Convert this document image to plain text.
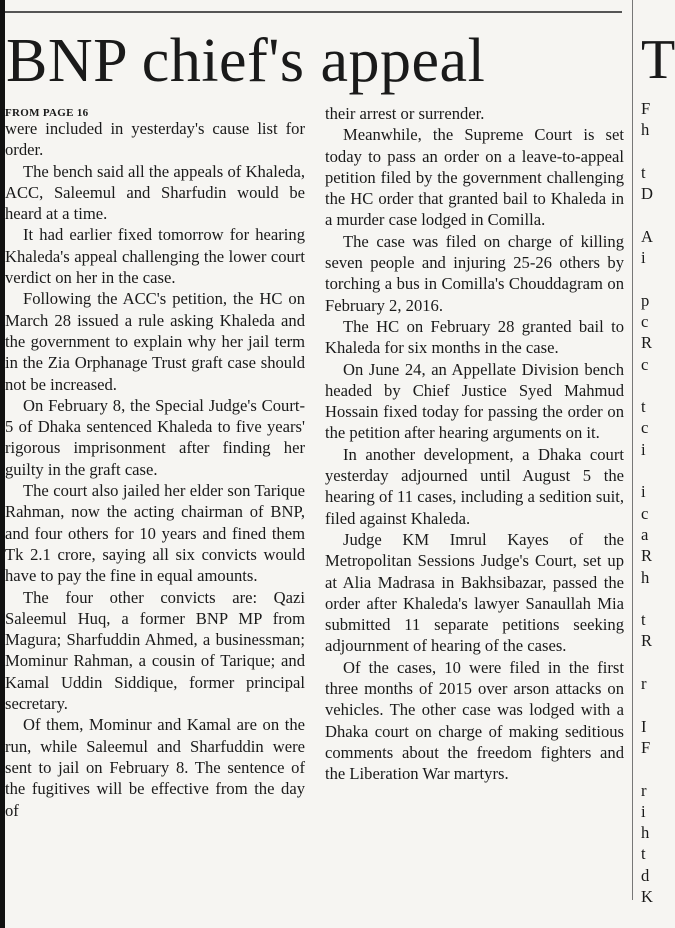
BNP chief's appeal

were included in yesterday's cause list for order.

The bench said all the appeals of Khaleda, ACC, Saleemul and Sharfudin would be heard at a time.

It had earlier fixed tomorrow for hearing Khaleda's appeal challenging the lower court verdict on her in the case.

Following the ACC's petition, the HC on March 28 issued a rule asking Khaleda and the government to explain why her jail term in the Zia Orphanage Trust graft case should not be increased.

On February 8, the Special Judge's Court-5 of Dhaka sentenced Khaleda to five years' rigorous imprisonment after finding her guilty in the graft case.

The court also jailed her elder son Tarique Rahman, now the acting chairman of BNP, and four others for 10 years and fined them Tk 2.1 crore, saying all six convicts would have to pay the fine in equal amounts.

The four other convicts are: Qazi Saleemul Huq, a former BNP MP from Magura; Sharfuddin Ahmed, a businessman; Mominur Rahman, a cousin of Tarique; and Kamal Uddin Siddique, former principal secretary.

Of them, Mominur and Kamal are on the run, while Saleemul and Sharfuddin were sent to jail on February 8. The sentence of the fugitives will be effective from the day of

FROM PAGE 16	their arrest or surrender.

Meanwhile, the Supreme Court is set today to pass an order on a leave-to-appeal petition filed by the government challenging the HC order that granted bail to Khaleda in a murder case lodged in Comilla.

The case was filed on charge of killing seven people and injuring 25-26 others by torching a bus in Comilla's Chouddagram on February 2, 2016.

The HC on February 28 granted bail to Khaleda for six months in the case.

On June 24, an Appellate Division bench headed by Chief Justice Syed Mahmud Hossain fixed today for passing the order on the petition after hearing arguments on it.

In another development, a Dhaka court yesterday adjourned until August 5 the hearing of 11 cases, including a sedition suit, filed against Khaleda.

Judge KM Imrul Kayes of the Metropolitan Sessions Judge's Court, set up at Alia Madrasa in Bakhsibazar, passed the order after Khaleda's lawyer Sanaullah Mia submitted 11 separate petitions seeking adjournment of hearing of the cases.

Of the cases, 10 were filed in the first three months of 2015 over arson attacks on vehicles. The other case was lodged with a Dhaka court on charge of making seditious comments about the freedom fighters and the Liberation War martyrs.

T
F
h
t
D
A
i
p
c
R
c
t
c
i
i
c
a
R
h
t
R
r
I
F
r
i
h
t
d
K
